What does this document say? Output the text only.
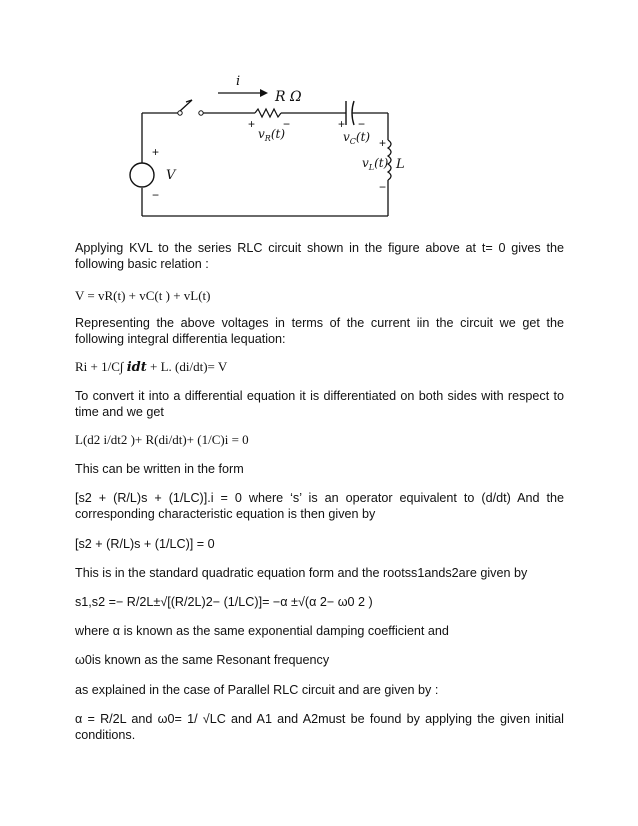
i
R Ω
+ −
$v_R(t)$
+ −
$v_C(t)$ +
−
$v_L(t)$ L
+
−
V
Applying KVL to the series RLC circuit shown in the figure above at t= 0 gives the following basic relation :
V = vR(t) + vC(t ) + vL(t)
Representing the above voltages in terms of the current iin the circuit we get the following integral differentia lequation:
Ri + 1/C∫ idt + L. (di/dt)= V
To convert it into a differential equation it is differentiated on both sides with respect to time and we get
L(d2 i/dt2 )+ R(di/dt)+ (1/C)i = 0
This can be written in the form
[s2 + (R/L)s + (1/LC)].i = 0 where ‘s’ is an operator equivalent to (d/dt) And the corresponding characteristic equation is then given by
[s2 + (R/L)s + (1/LC)] = 0
This is in the standard quadratic equation form and the rootss1ands2are given by
s1,s2 =− R/2L±√[(R/2L)2− (1/LC)]= −α ±√(α 2− ω0 2 )
where α is known as the same exponential damping coefficient and
ω0is known as the same Resonant frequency
as explained in the case of Parallel RLC circuit and are given by :
α = R/2L and ω0= 1/ √LC and A1 and A2must be found by applying the given initial conditions.
